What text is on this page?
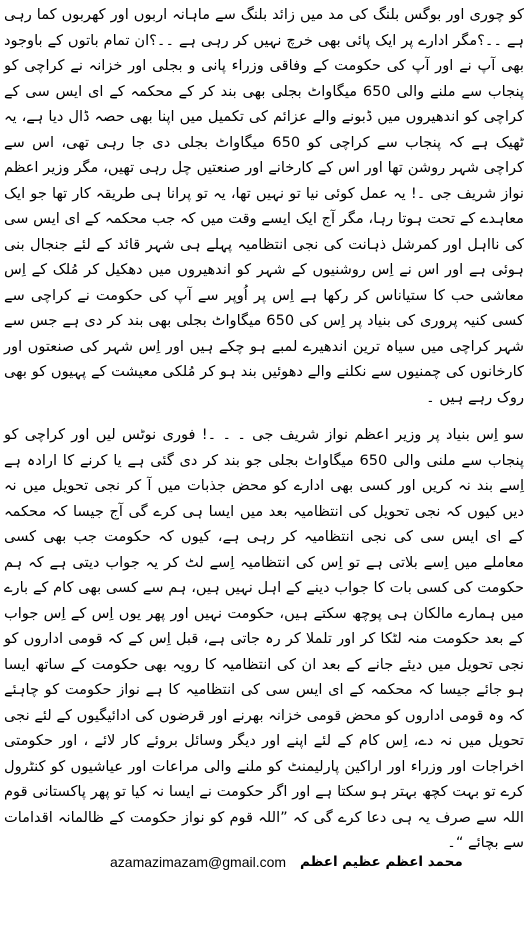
کو چوری اور بوگس بلنگ کی مد میں زائد بلنگ سے ماہانہ اربوں اور کھربوں کما رہی ہے ۔۔؟مگر ادارے پر ایک پائی بھی خرچ نہیں کر رہی ہے ۔۔؟ان تمام باتوں کے باوجود بھی آپ نے اور آپ کی حکومت کے وفاقی وزراء پانی و بجلی اور خزانہ نے کراچی کو پنجاب سے ملنے والی 650 میگاواٹ بجلی بھی بند کر کے محکمہ کے ای ایس سی کے کراچی کو اندھیروں میں ڈبونے والے عزائم کی تکمیل میں اپنا بھی حصہ ڈال دیا ہے، یہ ٹھیک ہے کہ پنجاب سے کراچی کو 650 میگاواٹ بجلی دی جا رہی تھی، اس سے کراچی شہر روشن تھا اور اس کے کارخانے اور صنعتیں چل رہی تھیں، مگر وزیر اعظم نواز شریف جی ۔! یہ عمل کوئی نیا تو نہیں تھا، یہ تو پرانا ہی طریقہ کار تھا جو ایک معاہدے کے تحت ہوتا رہا، مگر آج ایک ایسے وقت میں کہ جب محکمہ کے ای ایس سی کی نااہل اور کمرشل ذہانت کی نجی انتظامیہ پہلے ہی شہر قائد کے لئے جنجال بنی ہوئی ہے اور اس نے اِس روشنیوں کے شہر کو اندھیروں میں دھکیل کر مُلک کے اِس معاشی حب کا ستیاناس کر رکھا ہے اِس پر اُوپر سے آپ کی حکومت نے کراچی سے کسی کنیہ پروری کی بنیاد پر اِس کی 650 میگاواٹ بجلی بھی بند کر دی ہے جس سے شہر کراچی میں سیاہ ترین اندھیرے لمبے ہو چکے ہیں اور اِس شہر کی صنعتوں اور کارخانوں کی چمنیوں سے نکلنے والے دھوئیں بند ہو کر مُلکی معیشت کے پہیوں کو بھی روک رہے ہیں ۔

سو اِس بنیاد پر وزیر اعظم نواز شریف جی ۔ ۔ ۔! فوری نوٹس لیں اور کراچی کو پنجاب سے ملنی والی 650 میگاواٹ بجلی جو بند کر دی گئی ہے یا کرنے کا ارادہ ہے اِسے بند نہ کریں اور کسی بھی ادارے کو محض جذبات میں آ کر نجی تحویل میں نہ دیں کیوں کہ نجی تحویل کی انتظامیہ بعد میں ایسا ہی کرے گی آج جیسا کہ محکمہ کے ای ایس سی کی نجی انتظامیہ کر رہی ہے، کیوں کہ حکومت جب بھی کسی معاملے میں اِسے بلاتی ہے تو اِس کی انتظامیہ اِسے لٹ کر یہ جواب دیتی ہے کہ ہم حکومت کی کسی بات کا جواب دینے کے اہل نہیں ہیں، ہم سے کسی بھی کام کے بارے میں ہمارے مالکان ہی پوچھ سکتے ہیں، حکومت نہیں اور پھر یوں اِس کے اِس جواب کے بعد حکومت منہ لٹکا کر اور تلملا کر رہ جاتی ہے، قبل اِس کے کہ قومی اداروں کو نجی تحویل میں دیئے جانے کے بعد ان کی انتظامیہ کا رویہ بھی حکومت کے ساتھ ایسا ہو جائے جیسا کہ محکمہ کے ای ایس سی کی انتظامیہ کا ہے نواز حکومت کو چاہئے کہ وہ قومی اداروں کو محض قومی خزانہ بھرنے اور قرضوں کی ادائیگیوں کے لئے نجی تحویل میں نہ دے، اِس کام کے لئے اپنے اور دیگر وسائل بروئے کار لائے ، اور حکومتی اخراجات اور وزراء اور اراکین پارلیمنٹ کو ملنے والی مراعات اور عیاشیوں کو کنٹرول کرے تو بہت کچھ بہتر ہو سکتا ہے اور اگر حکومت نے ایسا نہ کیا تو پھر پاکستانی قوم اللہ سے صرف یہ ہی دعا کرے گی کہ ”اللہ قوم کو نواز حکومت کے ظالمانہ اقدامات سے بچائے “۔

azamazimazam@gmail.com محمد اعظم عظیم اعظم
